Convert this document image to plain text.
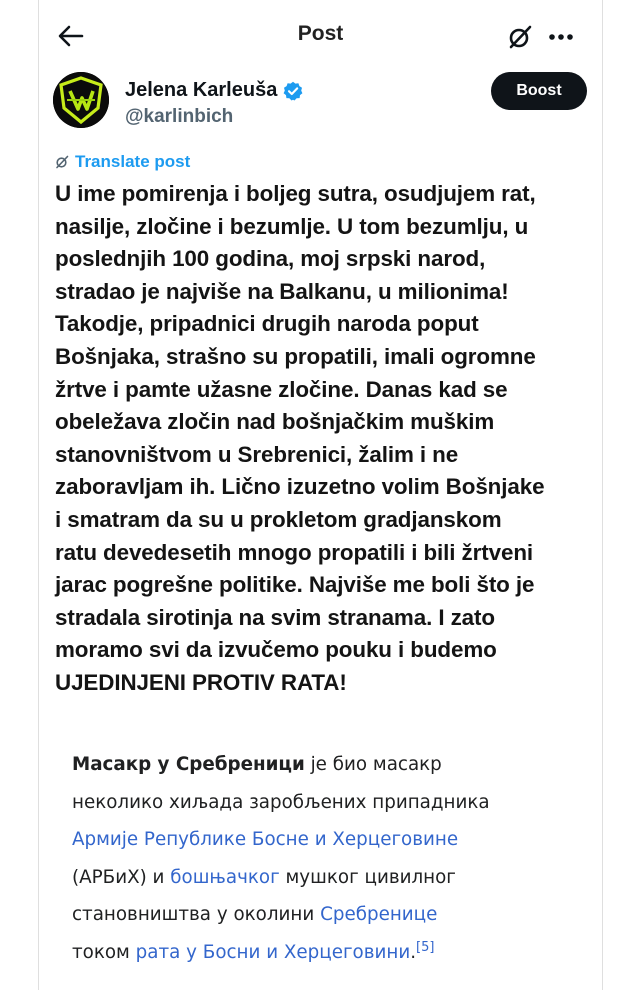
Post
Jelena Karleuša
@karlinbich
Boost
Translate post
U ime pomirenja i boljeg sutra, osudjujem rat,
nasilje, zločine i bezumlje. U tom bezumlju, u
poslednjih 100 godina, moj srpski narod,
stradao je najviše na Balkanu, u milionima!
Takodje, pripadnici drugih naroda poput
Bošnjaka, strašno su propatili, imali ogromne
žrtve i pamte užasne zločine. Danas kad se
obeležava zločin nad bošnjačkim muškim
stanovništvom u Srebrenici, žalim i ne
zaboravljam ih. Lično izuzetno volim Bošnjake
i smatram da su u prokletom gradjanskom
ratu devedesetih mnogo propatili i bili žrtveni
jarac pogrešne politike. Najviše me boli što je
stradala sirotinja na svim stranama. I zato
moramo svi da izvučemo pouku i budemo
UJEDINJENI PROTIV RATA!
Масакр у Сребреници је био масакр
неколико хиљада заробљених припадника
Армије Републике Босне и Херцеговине
(АРБиХ) и бошњачког мушког цивилног
становништва у околини Сребренице
током рата у Босни и Херцеговини.[5]
